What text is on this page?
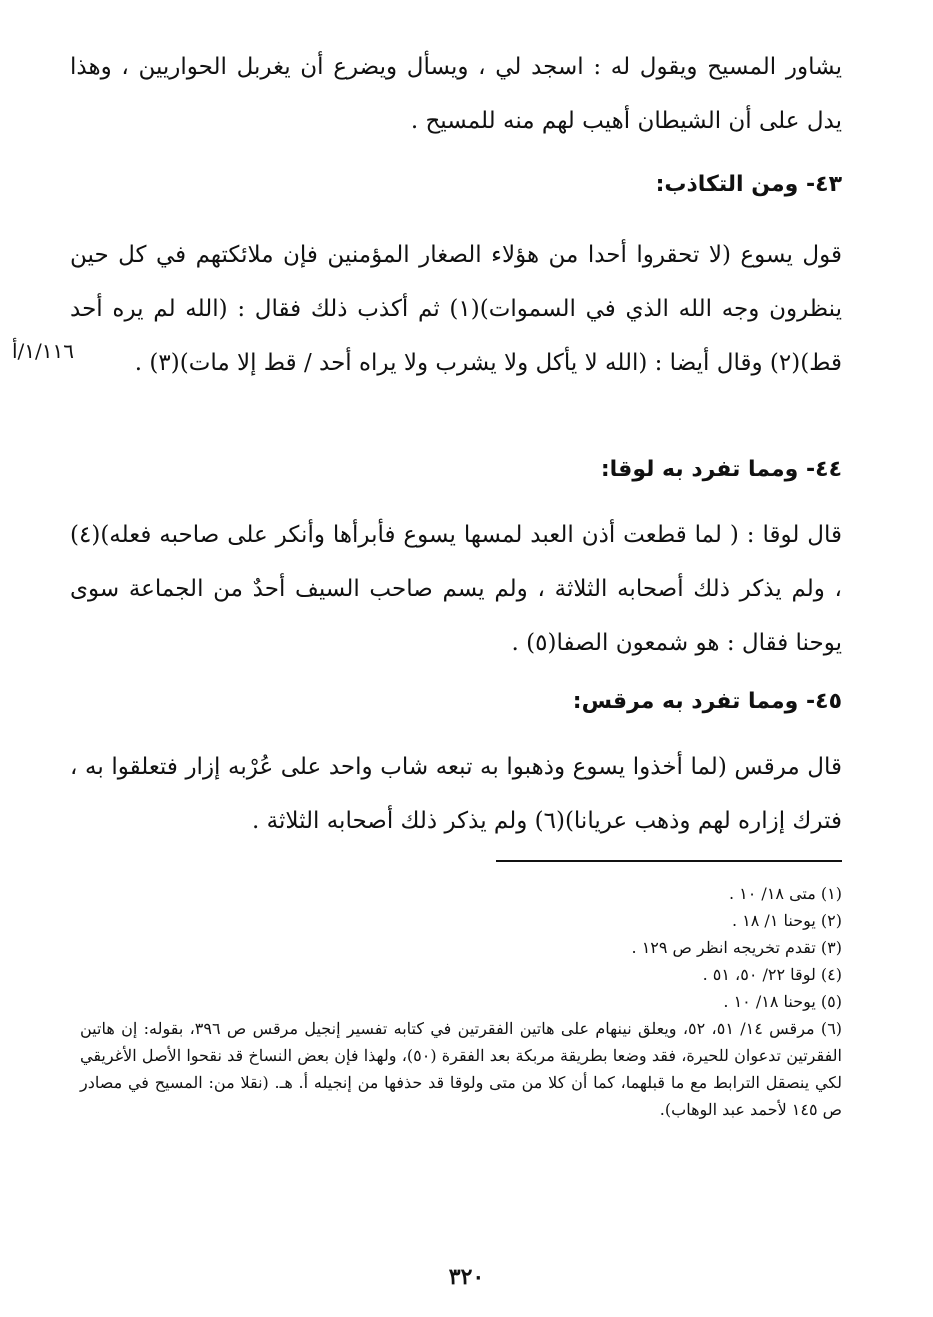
يشاور المسيح ويقول له : اسجد لي ، ويسأل ويضرع أن يغربل الحواريين ، وهذا يدل على أن الشيطان أهيب لهم منه للمسيح .
٤٣- ومن التكاذب:
قول يسوع (لا تحقروا أحدا من هؤلاء الصغار المؤمنين فإن ملائكتهم في كل حين ينظرون وجه الله الذي في السموات)(١) ثم أكذب ذلك فقال : (الله لم يره أحد قط)(٢) وقال أيضا : (الله لا يأكل ولا يشرب ولا يراه أحد / قط إلا مات)(٣) .
١/١١٦/أ
٤٤- ومما تفرد به لوقا:
قال لوقا : ( لما قطعت أذن العبد لمسها يسوع فأبرأها وأنكر على صاحبه فعله)(٤) ، ولم يذكر ذلك أصحابه الثلاثة ، ولم يسم صاحب السيف أحدٌ من الجماعة سوى يوحنا فقال : هو شمعون الصفا(٥) .
٤٥- ومما تفرد به مرقس:
قال مرقس (لما أخذوا يسوع وذهبوا به تبعه شاب واحد على عُرْبه إزار فتعلقوا به ، فترك إزاره لهم وذهب عريانا)(٦) ولم يذكر ذلك أصحابه الثلاثة .
(١) متى ١٨/ ١٠ .
(٢) يوحنا ١/ ١٨ .
(٣) تقدم تخريجه انظر ص ١٢٩ .
(٤) لوقا ٢٢/ ٥٠، ٥١ .
(٥) يوحنا ١٨/ ١٠ .
(٦) مرقس ١٤/ ٥١، ٥٢، ويعلق نينهام على هاتين الفقرتين في كتابه تفسير إنجيل مرقس ص ٣٩٦، بقوله: إن هاتين الفقرتين تدعوان للحيرة، فقد وضعا بطريقة مربكة بعد الفقرة (٥٠)، ولهذا فإن بعض النساخ قد نقحوا الأصل الأغريقي لكي ينصقل الترابط مع ما قبلهما، كما أن كلا من متى ولوقا قد حذفها من إنجيله أ. هـ. (نقلا من: المسيح في مصادر ص ١٤٥ لأحمد عبد الوهاب).
٣٢٠
